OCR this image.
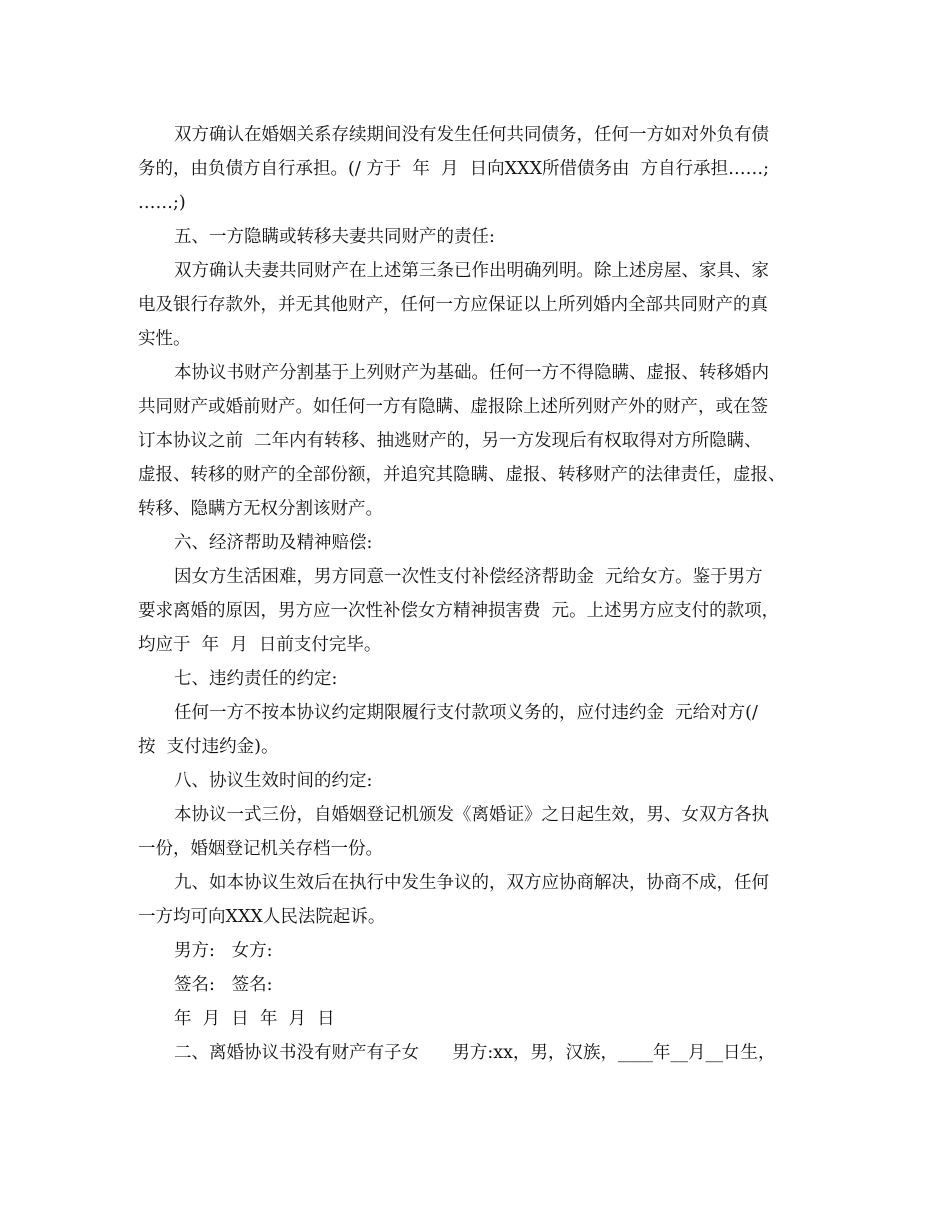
双方确认在婚姻关系存续期间没有发生任何共同债务，任何一方如对外负有债
务的，由负债方自行承担。(/ 方于  年  月  日向XXX所借债务由  方自行承担……;
……;)
五、一方隐瞒或转移夫妻共同财产的责任:
双方确认夫妻共同财产在上述第三条已作出明确列明。除上述房屋、家具、家
电及银行存款外，并无其他财产，任何一方应保证以上所列婚内全部共同财产的真
实性。
本协议书财产分割基于上列财产为基础。任何一方不得隐瞒、虚报、转移婚内
共同财产或婚前财产。如任何一方有隐瞒、虚报除上述所列财产外的财产，或在签
订本协议之前  二年内有转移、抽逃财产的，另一方发现后有权取得对方所隐瞒、
虚报、转移的财产的全部份额，并追究其隐瞒、虚报、转移财产的法律责任，虚报、
转移、隐瞒方无权分割该财产。
六、经济帮助及精神赔偿:
因女方生活困难，男方同意一次性支付补偿经济帮助金  元给女方。鉴于男方
要求离婚的原因，男方应一次性补偿女方精神损害费  元。上述男方应支付的款项，
均应于  年  月  日前支付完毕。
七、违约责任的约定:
任何一方不按本协议约定期限履行支付款项义务的，应付违约金  元给对方(/
按  支付违约金)。
八、协议生效时间的约定:
本协议一式三份，自婚姻登记机颁发《离婚证》之日起生效，男、女双方各执
一份，婚姻登记机关存档一份。
九、如本协议生效后在执行中发生争议的，双方应协商解决，协商不成，任何
一方均可向XXX人民法院起诉。
男方:   女方:
签名:   签名:
年  月  日  年  月  日
二、离婚协议书没有财产有子女      男方:xx，男，汉族，____年__月__日生，
